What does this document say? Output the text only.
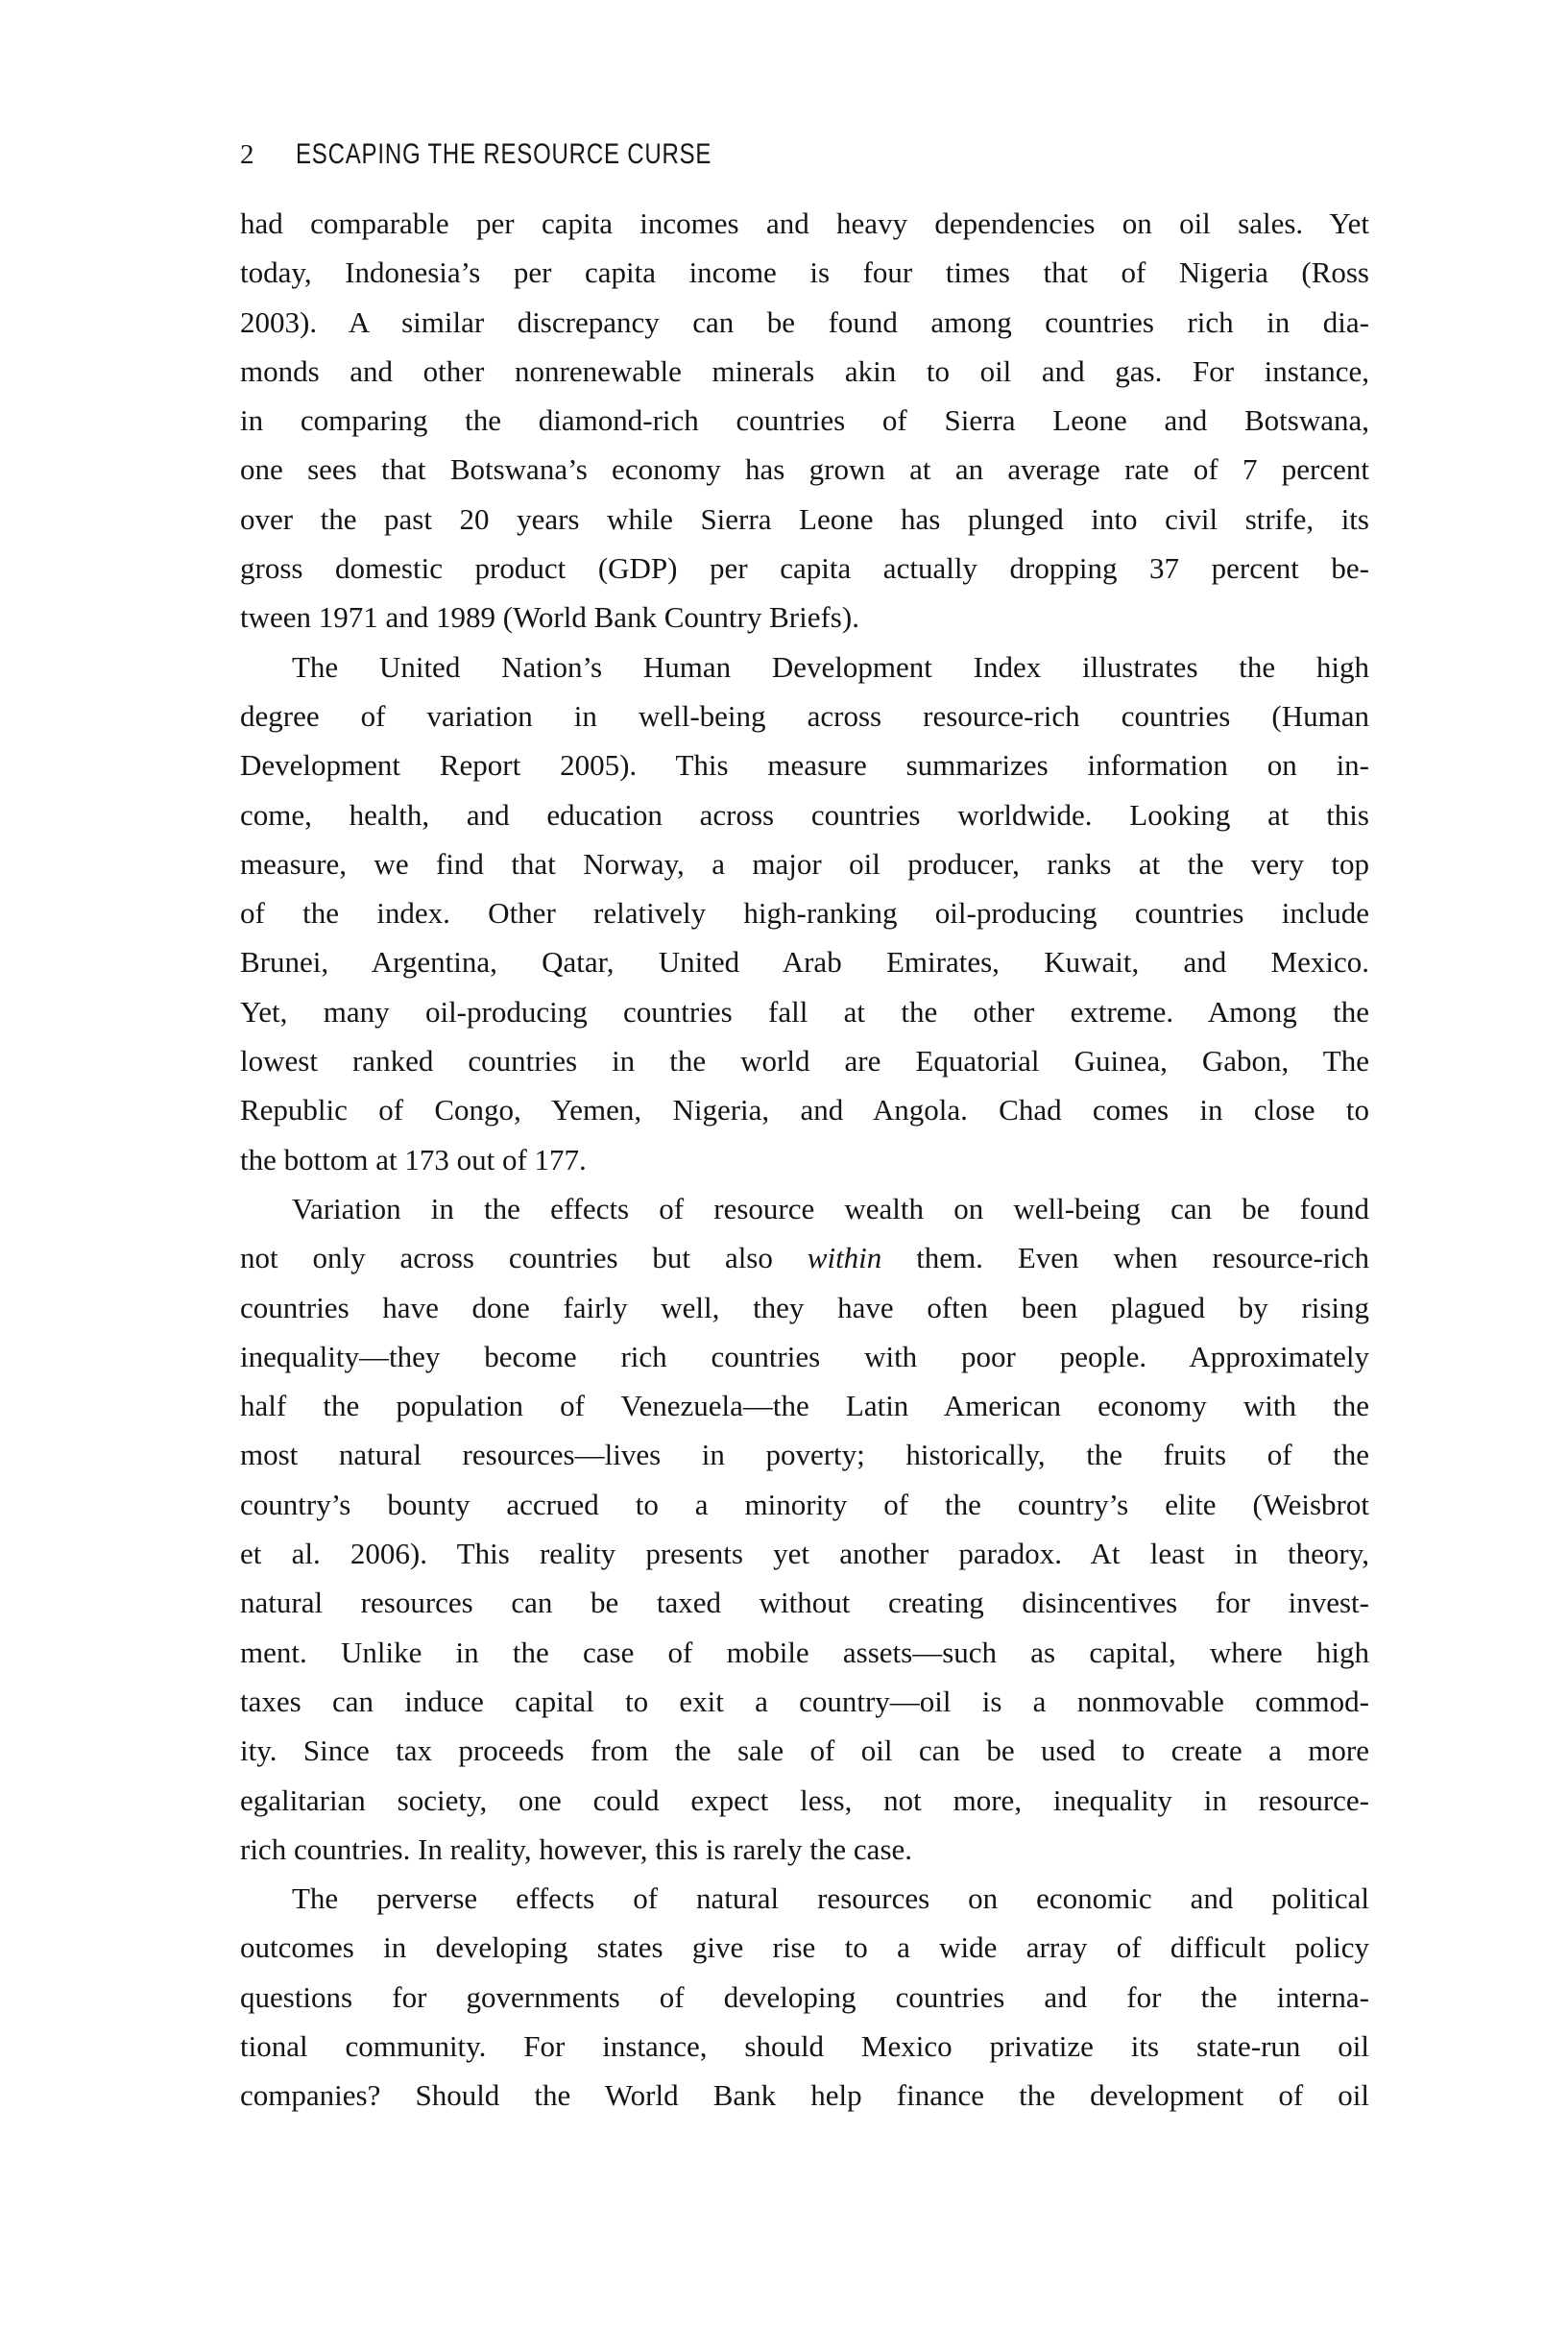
2 ESCAPING THE RESOURCE CURSE
had comparable per capita incomes and heavy dependencies on oil sales. Yet
today, Indonesia’s per capita income is four times that of Nigeria (Ross
2003). A similar discrepancy can be found among countries rich in dia-
monds and other nonrenewable minerals akin to oil and gas. For instance,
in comparing the diamond-rich countries of Sierra Leone and Botswana,
one sees that Botswana’s economy has grown at an average rate of 7 percent
over the past 20 years while Sierra Leone has plunged into civil strife, its
gross domestic product (GDP) per capita actually dropping 37 percent be-
tween 1971 and 1989 (World Bank Country Briefs).
The United Nation’s Human Development Index illustrates the high
degree of variation in well-being across resource-rich countries (Human
Development Report 2005). This measure summarizes information on in-
come, health, and education across countries worldwide. Looking at this
measure, we find that Norway, a major oil producer, ranks at the very top
of the index. Other relatively high-ranking oil-producing countries include
Brunei, Argentina, Qatar, United Arab Emirates, Kuwait, and Mexico.
Yet, many oil-producing countries fall at the other extreme. Among the
lowest ranked countries in the world are Equatorial Guinea, Gabon, The
Republic of Congo, Yemen, Nigeria, and Angola. Chad comes in close to
the bottom at 173 out of 177.
Variation in the effects of resource wealth on well-being can be found
not only across countries but also within them. Even when resource-rich
countries have done fairly well, they have often been plagued by rising
inequality—they become rich countries with poor people. Approximately
half the population of Venezuela—the Latin American economy with the
most natural resources—lives in poverty; historically, the fruits of the
country’s bounty accrued to a minority of the country’s elite (Weisbrot
et al. 2006). This reality presents yet another paradox. At least in theory,
natural resources can be taxed without creating disincentives for invest-
ment. Unlike in the case of mobile assets—such as capital, where high
taxes can induce capital to exit a country—oil is a nonmovable commod-
ity. Since tax proceeds from the sale of oil can be used to create a more
egalitarian society, one could expect less, not more, inequality in resource-
rich countries. In reality, however, this is rarely the case.
The perverse effects of natural resources on economic and political
outcomes in developing states give rise to a wide array of difficult policy
questions for governments of developing countries and for the interna-
tional community. For instance, should Mexico privatize its state-run oil
companies? Should the World Bank help finance the development of oil
